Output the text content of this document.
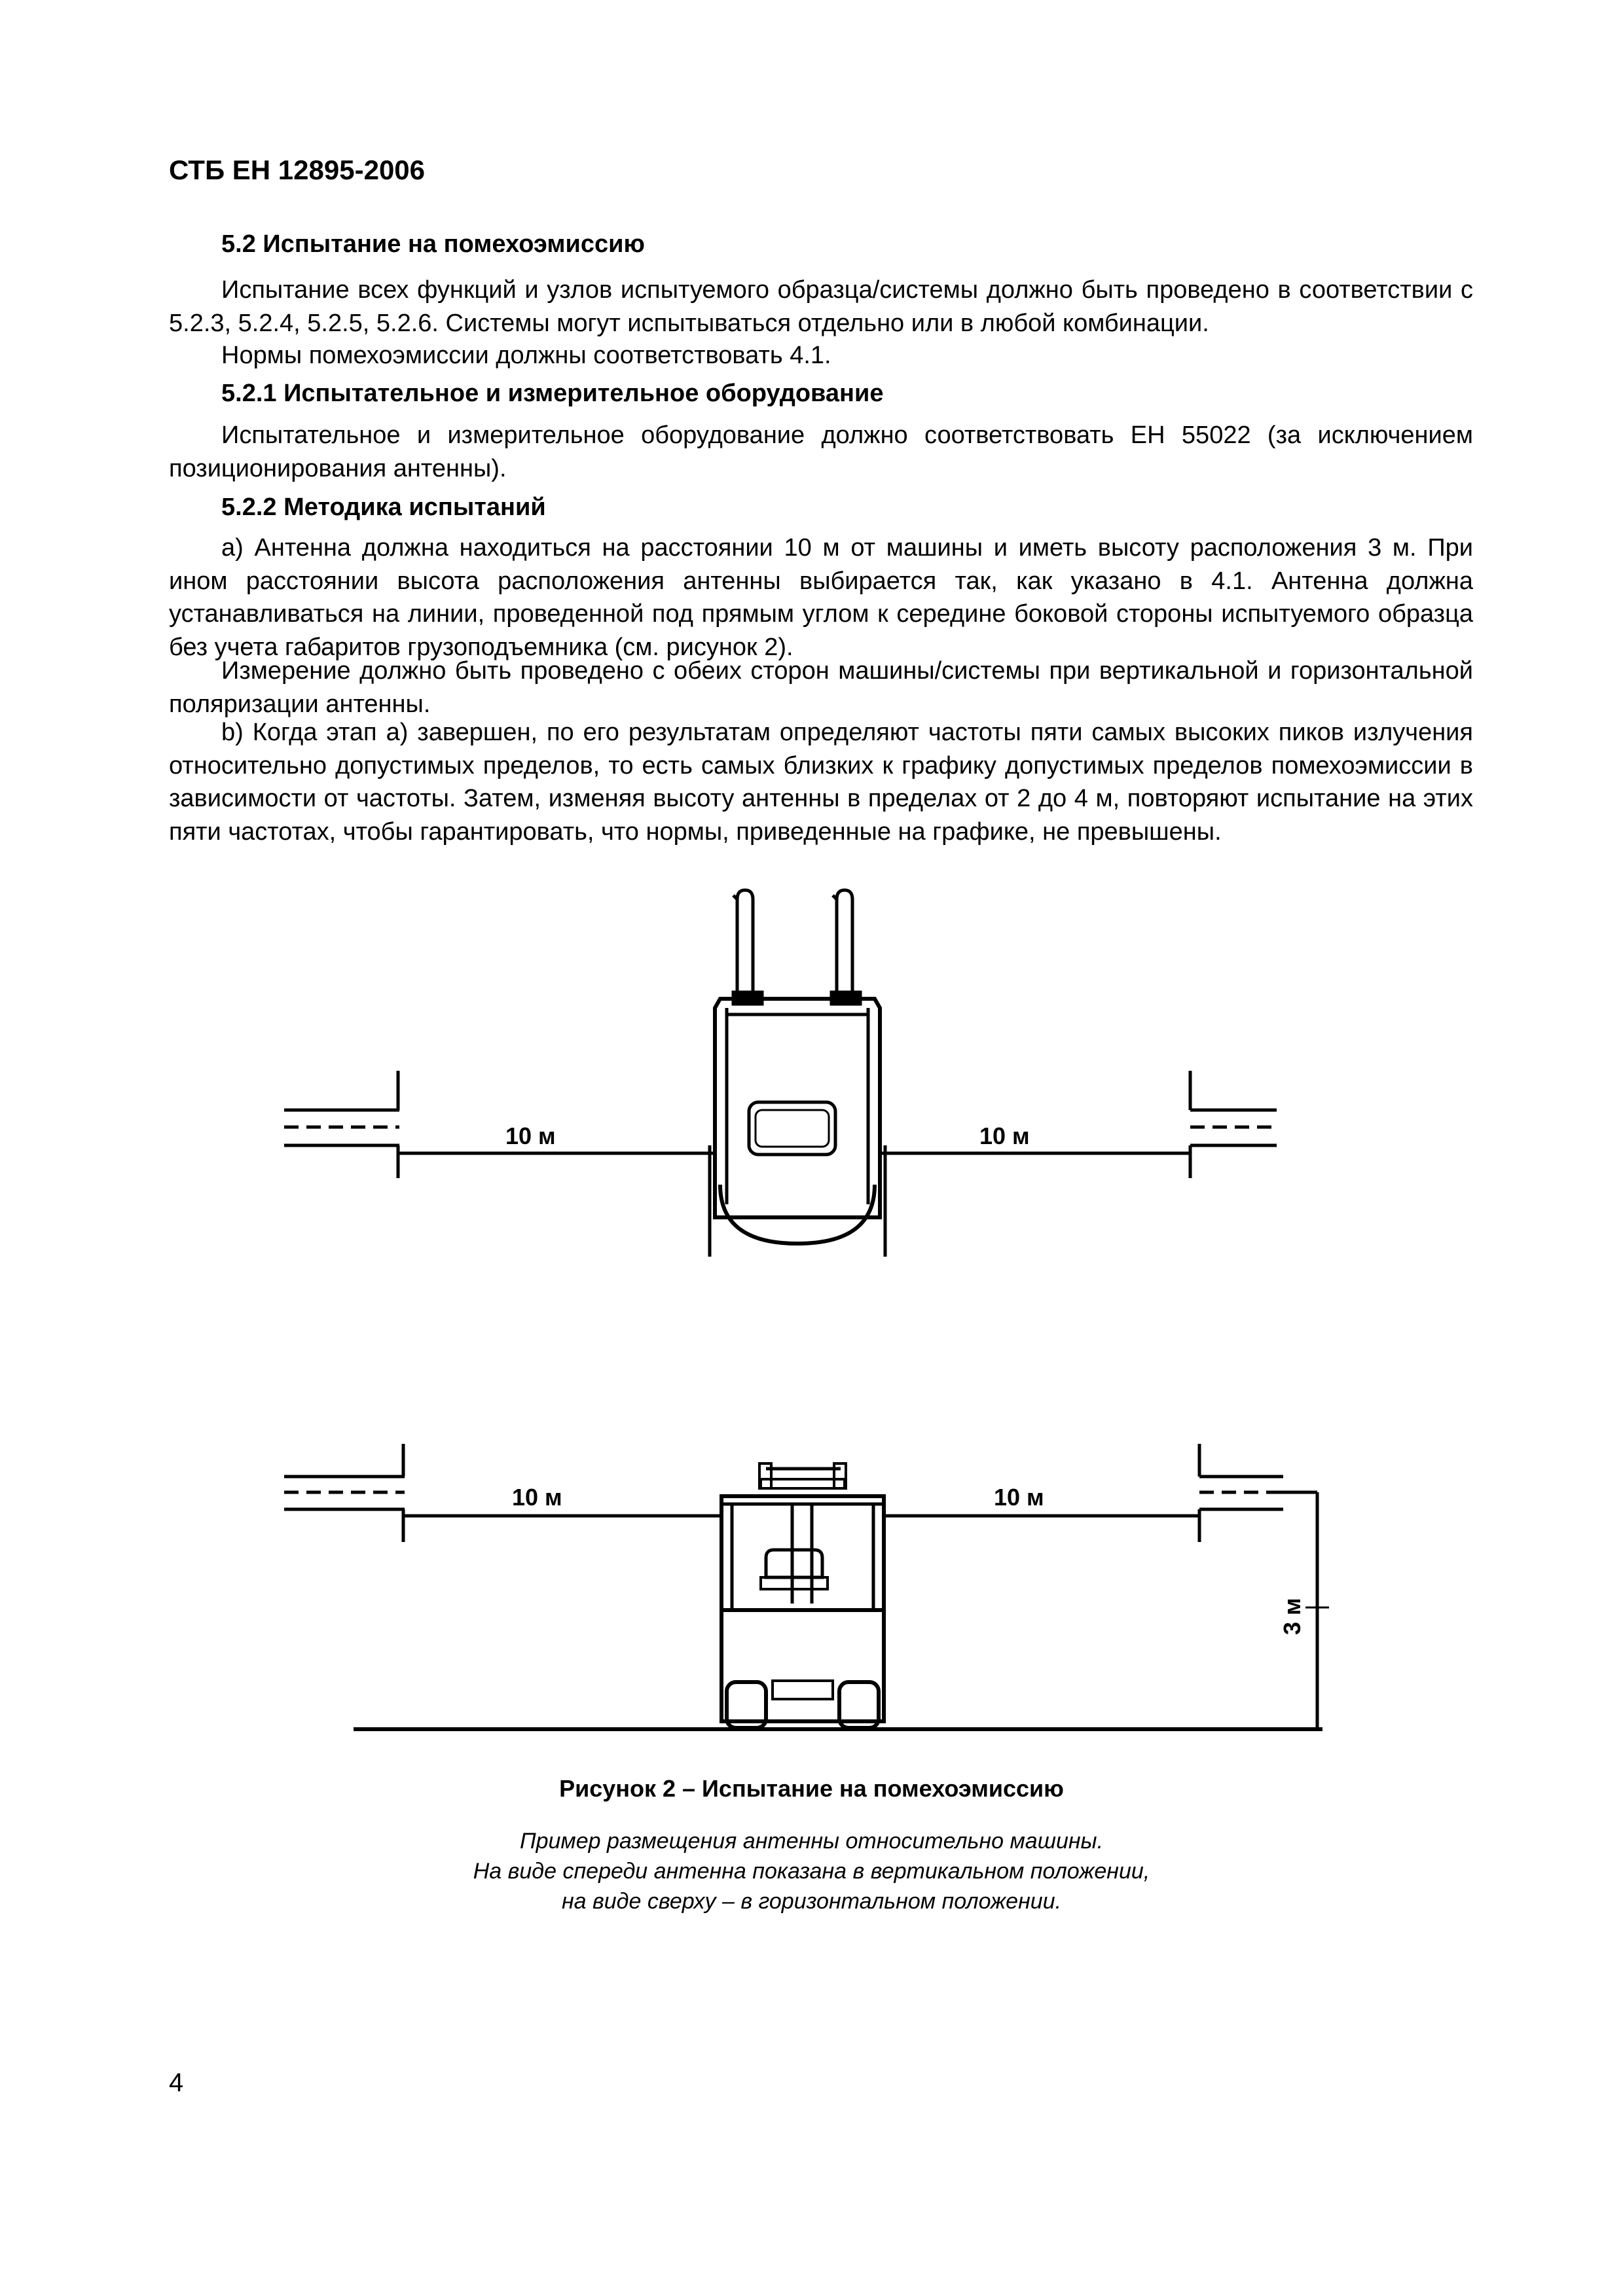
СТБ ЕН 12895-2006
5.2 Испытание на помехоэмиссию
Испытание всех функций и узлов испытуемого образца/системы должно быть проведено в соответствии с 5.2.3, 5.2.4, 5.2.5, 5.2.6. Системы могут испытываться отдельно или в любой комбинации.
Нормы помехоэмиссии должны соответствовать 4.1.
5.2.1 Испытательное и измерительное оборудование
Испытательное и измерительное оборудование должно соответствовать ЕН 55022 (за исключением позиционирования антенны).
5.2.2 Методика испытаний
а) Антенна должна находиться на расстоянии 10 м от машины и иметь высоту расположения 3 м. При ином расстоянии высота расположения антенны выбирается так, как указано в 4.1. Антенна должна устанавливаться на линии, проведенной под прямым углом к середине боковой стороны испытуемого образца без учета габаритов грузоподъемника (см. рисунок 2).
Измерение должно быть проведено с обеих сторон машины/системы при вертикальной и горизонтальной поляризации антенны.
b) Когда этап а) завершен, по его результатам определяют частоты пяти самых высоких пиков излучения относительно допустимых пределов, то есть самых близких к графику допустимых пределов помехоэмиссии в зависимости от частоты. Затем, изменяя высоту антенны в пределах от 2 до 4 м, повторяют испытание на этих пяти частотах, чтобы гарантировать, что нормы, приведенные на графике, не превышены.
10 м	10 м
10 м	10 м
3 м
Рисунок 2 – Испытание на помехоэмиссию
Пример размещения антенны относительно машины.
На виде спереди антенна показана в вертикальном положении,
на виде сверху – в горизонтальном положении.
4
